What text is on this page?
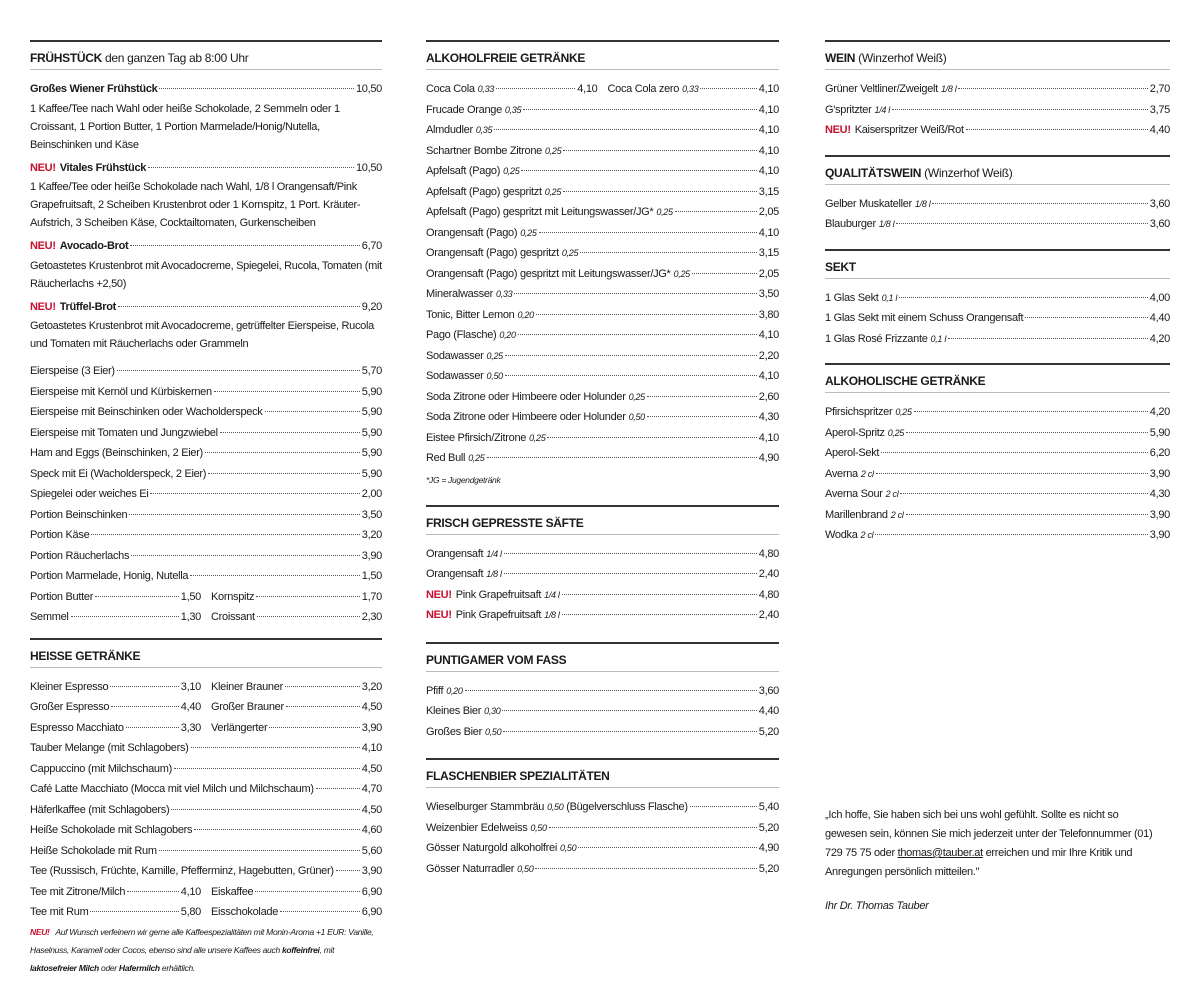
FRÜHSTÜCK den ganzen Tag ab 8:00 Uhr
Großes Wiener Frühstück	10,50
1 Kaffee/Tee nach Wahl oder heiße Schokolade, 2 Semmeln oder 1 Croissant, 1 Portion Butter, 1 Portion Marmelade/Honig/Nutella, Beinschinken und Käse
NEU! Vitales Frühstück	10,50
1 Kaffee/Tee oder heiße Schokolade nach Wahl, 1/8 l Orangensaft/Pink Grapefruitsaft, 2 Scheiben Krustenbrot oder 1 Kornspitz, 1 Port. Kräuter-Aufstrich, 3 Scheiben Käse, Cocktailtomaten, Gurkenscheiben
NEU! Avocado-Brot	6,70
Getoastetes Krustenbrot mit Avocadocreme, Spiegelei, Rucola, Tomaten (mit Räucherlachs +2,50)
NEU! Trüffel-Brot	9,20
Getoastetes Krustenbrot mit Avocadocreme, getrüffelter Eierspeise, Rucola und Tomaten mit Räucherlachs oder Grammeln
Eierspeise (3 Eier)	5,70
Eierspeise mit Kernöl und Kürbiskernen	5,90
Eierspeise mit Beinschinken oder Wacholderspeck	5,90
Eierspeise mit Tomaten und Jungzwiebel	5,90
Ham and Eggs (Beinschinken, 2 Eier)	5,90
Speck mit Ei (Wacholderspeck, 2 Eier)	5,90
Spiegelei oder weiches Ei	2,00
Portion Beinschinken	3,50
Portion Käse	3,20
Portion Räucherlachs	3,90
Portion Marmelade, Honig, Nutella	1,50
Portion Butter	1,50 Kornspitz	1,70
Semmel	1,30 Croissant	2,30
HEISSE GETRÄNKE
Kleiner Espresso	3,10 Kleiner Brauner	3,20
Großer Espresso	4,40 Großer Brauner	4,50
Espresso Macchiato	3,30 Verlängerter	3,90
Tauber Melange (mit Schlagobers)	4,10
Cappuccino (mit Milchschaum)	4,50
Café Latte Macchiato (Mocca mit viel Milch und Milchschaum)	4,70
Häferlkaffee (mit Schlagobers)	4,50
Heiße Schokolade mit Schlagobers	4,60
Heiße Schokolade mit Rum	5,60
Tee (Russisch, Früchte, Kamille, Pfefferminz, Hagebutten, Grüner)	3,90
Tee mit Zitrone/Milch	4,10 Eiskaffee	6,90
Tee mit Rum	5,80 Eisschokolade	6,90
NEU! Auf Wunsch verfeinern wir gerne alle Kaffeespezialitäten mit Monin-Aroma +1 EUR: Vanille, Haselnuss, Karamell oder Cocos, ebenso sind alle unsere Kaffees auch koffeinfrei, mit laktosefreier Milch oder Hafermilch erhältlich.
ALKOHOLFREIE GETRÄNKE
Coca Cola 0,33	4,10 Coca Cola zero 0,33	4,10
Frucade Orange 0,35	4,10
Almdudler 0,35	4,10
Schartner Bombe Zitrone 0,25	4,10
Apfelsaft (Pago) 0,25	4,10
Apfelsaft (Pago) gespritzt 0,25	3,15
Apfelsaft (Pago) gespritzt mit Leitungswasser/JG* 0,25	2,05
Orangensaft (Pago) 0,25	4,10
Orangensaft (Pago) gespritzt 0,25	3,15
Orangensaft (Pago) gespritzt mit Leitungswasser/JG* 0,25	2,05
Mineralwasser 0,33	3,50
Tonic, Bitter Lemon 0,20	3,80
Pago (Flasche) 0,20	4,10
Sodawasser 0,25	2,20
Sodawasser 0,50	4,10
Soda Zitrone oder Himbeere oder Holunder 0,25	2,60
Soda Zitrone oder Himbeere oder Holunder 0,50	4,30
Eistee Pfirsich/Zitrone 0,25	4,10
Red Bull 0,25	4,90
*JG = Jugendgetränk
FRISCH GEPRESSTE SÄFTE
Orangensaft 1/4 l	4,80
Orangensaft 1/8 l	2,40
NEU! Pink Grapefruitsaft 1/4 l	4,80
NEU! Pink Grapefruitsaft 1/8 l	2,40
PUNTIGAMER VOM FASS
Pfiff 0,20	3,60
Kleines Bier 0,30	4,40
Großes Bier 0,50	5,20
FLASCHENBIER SPEZIALITÄTEN
Wieselburger Stammbräu 0,50 (Bügelverschluss Flasche)	5,40
Weizenbier Edelweiss 0,50	5,20
Gösser Naturgold alkoholfrei 0,50	4,90
Gösser Naturradler 0,50	5,20
WEIN (Winzerhof Weiß)
Grüner Veltliner/Zweigelt 1/8 l	2,70
G'spritzter 1/4 l	3,75
NEU! Kaiserspritzer Weiß/Rot	4,40
QUALITÄTSWEIN (Winzerhof Weiß)
Gelber Muskateller 1/8 l	3,60
Blauburger 1/8 l	3,60
SEKT
1 Glas Sekt 0,1 l	4,00
1 Glas Sekt mit einem Schuss Orangensaft	4,40
1 Glas Rosé Frizzante 0,1 l	4,20
ALKOHOLISCHE GETRÄNKE
Pfirsichspritzer 0,25	4,20
Aperol-Spritz 0,25	5,90
Aperol-Sekt	6,20
Averna 2 cl	3,90
Averna Sour 2 cl	4,30
Marillenbrand 2 cl	3,90
Wodka 2 cl	3,90
„Ich hoffe, Sie haben sich bei uns wohl gefühlt. Sollte es nicht so gewesen sein, können Sie mich jederzeit unter der Telefonnummer (01) 729 75 75 oder thomas@tauber.at erreichen und mir Ihre Kritik und Anregungen persönlich mitteilen."
Ihr Dr. Thomas Tauber
